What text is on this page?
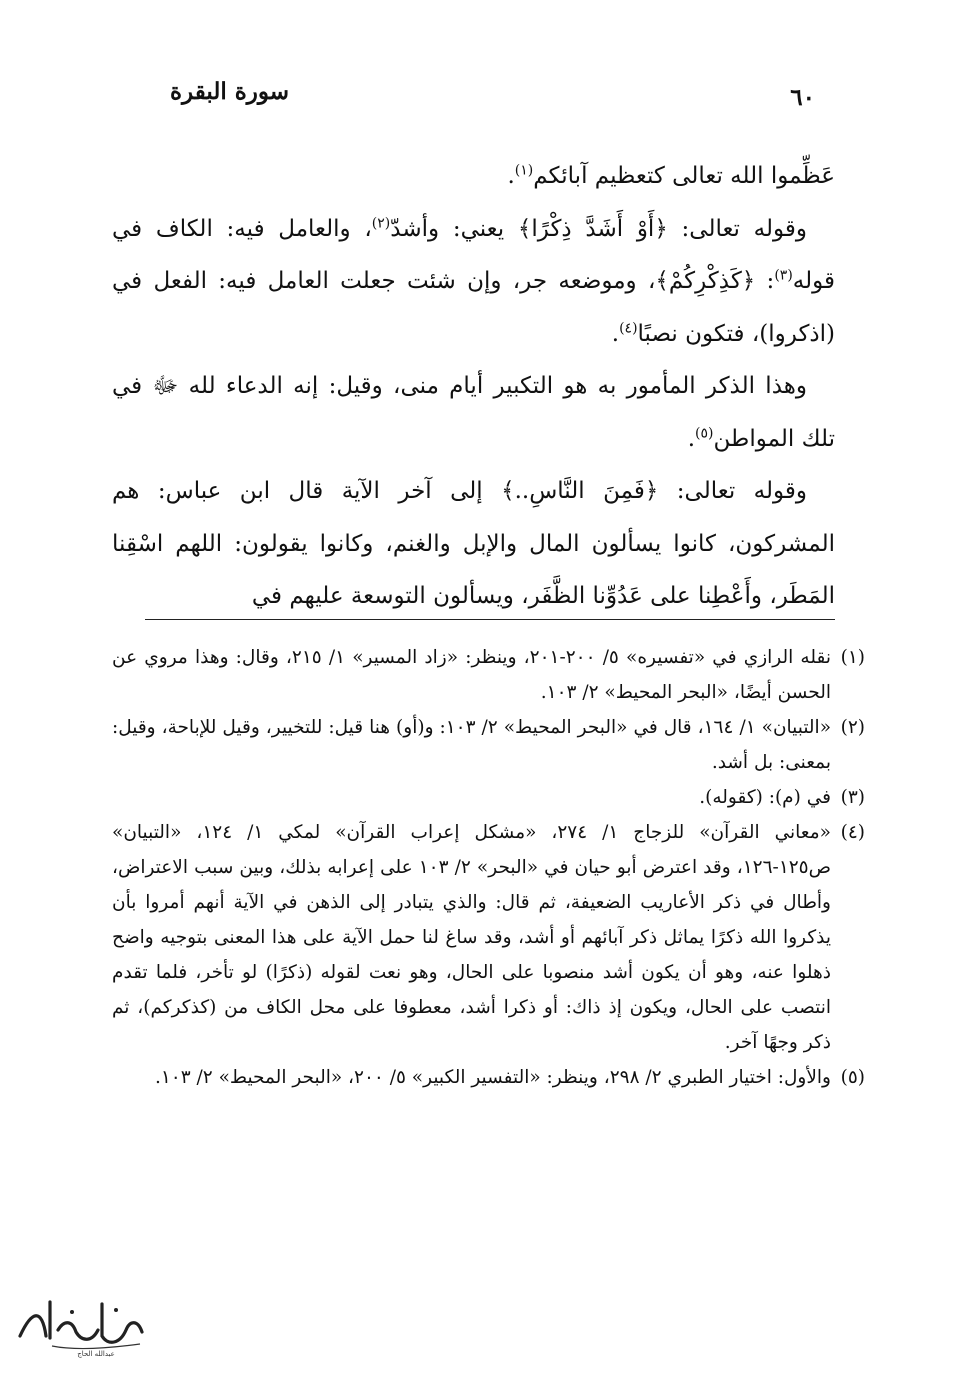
سورة البقرة	٦٠

عَظِّموا الله تعالى كتعظيم آبائكم$^{(١)}$.

وقوله تعالى: ﴿أَوْ أَشَدَّ ذِكْرًا﴾ يعني: وأشدّ$^{(٢)}$، والعامل فيه: الكاف في قوله$^{(٣)}$: ﴿كَذِكْرِكُمْ﴾، وموضعه جر، وإن شئت جعلت العامل فيه: الفعل في (اذكروا)، فتكون نصبًا$^{(٤)}$.

وهذا الذكر المأمور به هو التكبير أيام منى، وقيل: إنه الدعاء لله ﷻ في تلك المواطن$^{(٥)}$.

وقوله تعالى: ﴿فَمِنَ النَّاسِ..﴾ إلى آخر الآية قال ابن عباس: هم المشركون، كانوا يسألون المال والإبل والغنم، وكانوا يقولون: اللهم اسْقِنا المَطَر، وأَعْطِنا على عَدُوِّنا الظَّفَر، ويسألون التوسعة عليهم في

(١)
نقله الرازي في «تفسيره» ٥/ ٢٠٠-٢٠١، وينظر: «زاد المسير» ١/ ٢١٥، وقال: وهذا مروي عن الحسن أيضًا، «البحر المحيط» ٢/ ١٠٣.
(٢)
«التبيان» ١/ ١٦٤، قال في «البحر المحيط» ٢/ ١٠٣: و(أو) هنا قيل: للتخيير، وقيل للإباحة، وقيل: بمعنى: بل أشد.
(٣)
في (م): (كقوله).
(٤)
«معاني القرآن» للزجاج ١/ ٢٧٤، «مشكل إعراب القرآن» لمكي ١/ ١٢٤، «التبيان» ص١٢٥-١٢٦، وقد اعترض أبو حيان في «البحر» ٢/ ١٠٣ على إعرابه بذلك، وبين سبب الاعتراض، وأطال في ذكر الأعاريب الضعيفة، ثم قال: والذي يتبادر إلى الذهن في الآية أنهم أمروا بأن يذكروا الله ذكرًا يماثل ذكر آبائهم أو أشد، وقد ساغ لنا حمل الآية على هذا المعنى بتوجيه واضح ذهلوا عنه، وهو أن يكون أشد منصوبا على الحال، وهو نعت لقوله (ذكرًا) لو تأخر، فلما تقدم انتصب على الحال، ويكون إذ ذاك: أو ذكرا أشد، معطوفا على محل الكاف من (كذكركم)، ثم ذكر وجهًا آخر.
(٥)
والأول: اختيار الطبري ٢/ ٢٩٨، وينظر: «التفسير الكبير» ٥/ ٢٠٠، «البحر المحيط» ٢/ ١٠٣.
عبدالله الحاج
